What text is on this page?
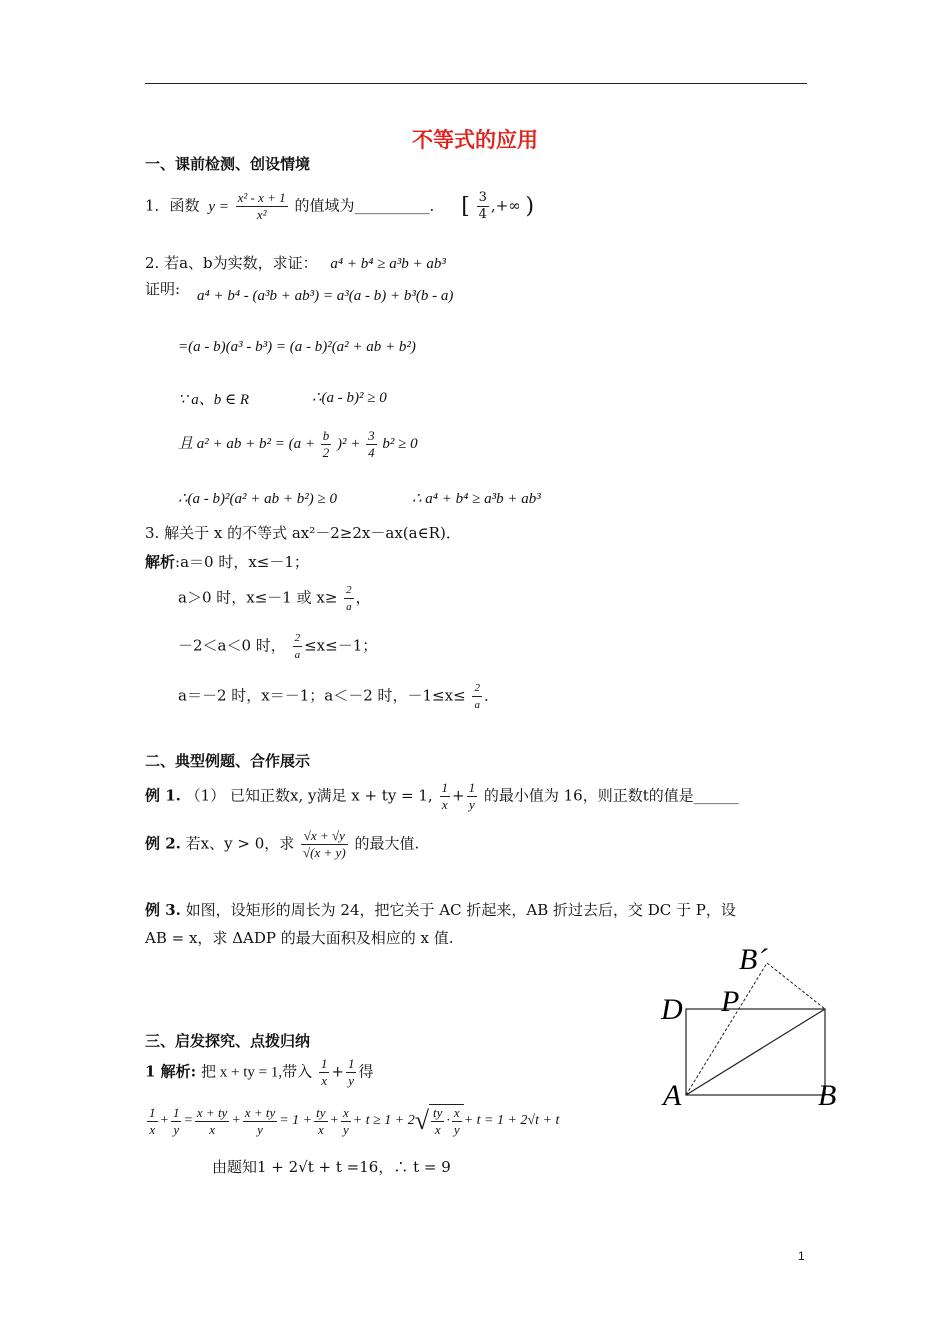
不等式的应用
一、课前检测、创设情境
1．函数 $y = \frac{\text{x² - x + 1}}{\text{x²}}$ 的值域为__________． [ $\frac{3}{4}$ ,+∞ )
2. 若a、b为实数，求证： a⁴ + b⁴ ≥ a³b + ab³
证明: a⁴ + b⁴ - (a³b + ab³) = a³(a - b) + b³(b - a)
=(a - b)(a³ - b³) = (a - b)²(a² + ab + b²)
∵ a、b ∈ R	∴(a - b)² ≥ 0
且 a² + ab + $b^2 = (a + \frac{b}{2} )^2 + \frac{3}{4} b^2 \ge 0$
∴(a - b)²(a² + ab + b²) ≥ 0	∴ a⁴ + b⁴ ≥ a³b + ab³
3. 解关于 x 的不等式 ax²－2≥2x－ax(a∈R)．
解析:a＝0 时，x≤－1；
a＞0 时，x≤－1 或 $x\ge \frac{2}{a}$ ，
－2＜a＜0 时， $\frac{2}{a} \le x\le-1$；
a＝－2 时，x＝－1；a＜－2 时，$-1\le x\le \frac{2}{a}$ ．
二、典型例题、合作展示
例 1. （1） 已知正数x, y满足 x + ty = 1, $\frac{1}{x} + \frac{1}{y}$ 的最小值为 16，则正数t的值是______
例 2. 若x、y > 0，求 $\frac{√x + √y}{√(x + y)}$ 的最大值.
例 3. 如图，设矩形的周长为 24，把它关于 AC 折起来，AB 折过去后，交 DC 于 P，设
AB = x，求 ΔADP 的最大面积及相应的 x 值.
A	B
D P
B´
三、启发探究、点拨归纳
1 解析: 把 x + ty = 1,带入 $\frac{1}{x} + \frac{1}{y}$ 得
$\frac{1}{x} + \frac{1}{y} = \frac{x + ty}{x} + \frac{x + ty}{y} = 1 + \frac{ty}{x} + \frac{x}{y} + t \ge 1 + 2√ \frac{ty}{x} \cdot \frac{x}{y} + t = 1 + 2√t + t$
由题知1 + 2√t + t =16，∴ t = 9
1
